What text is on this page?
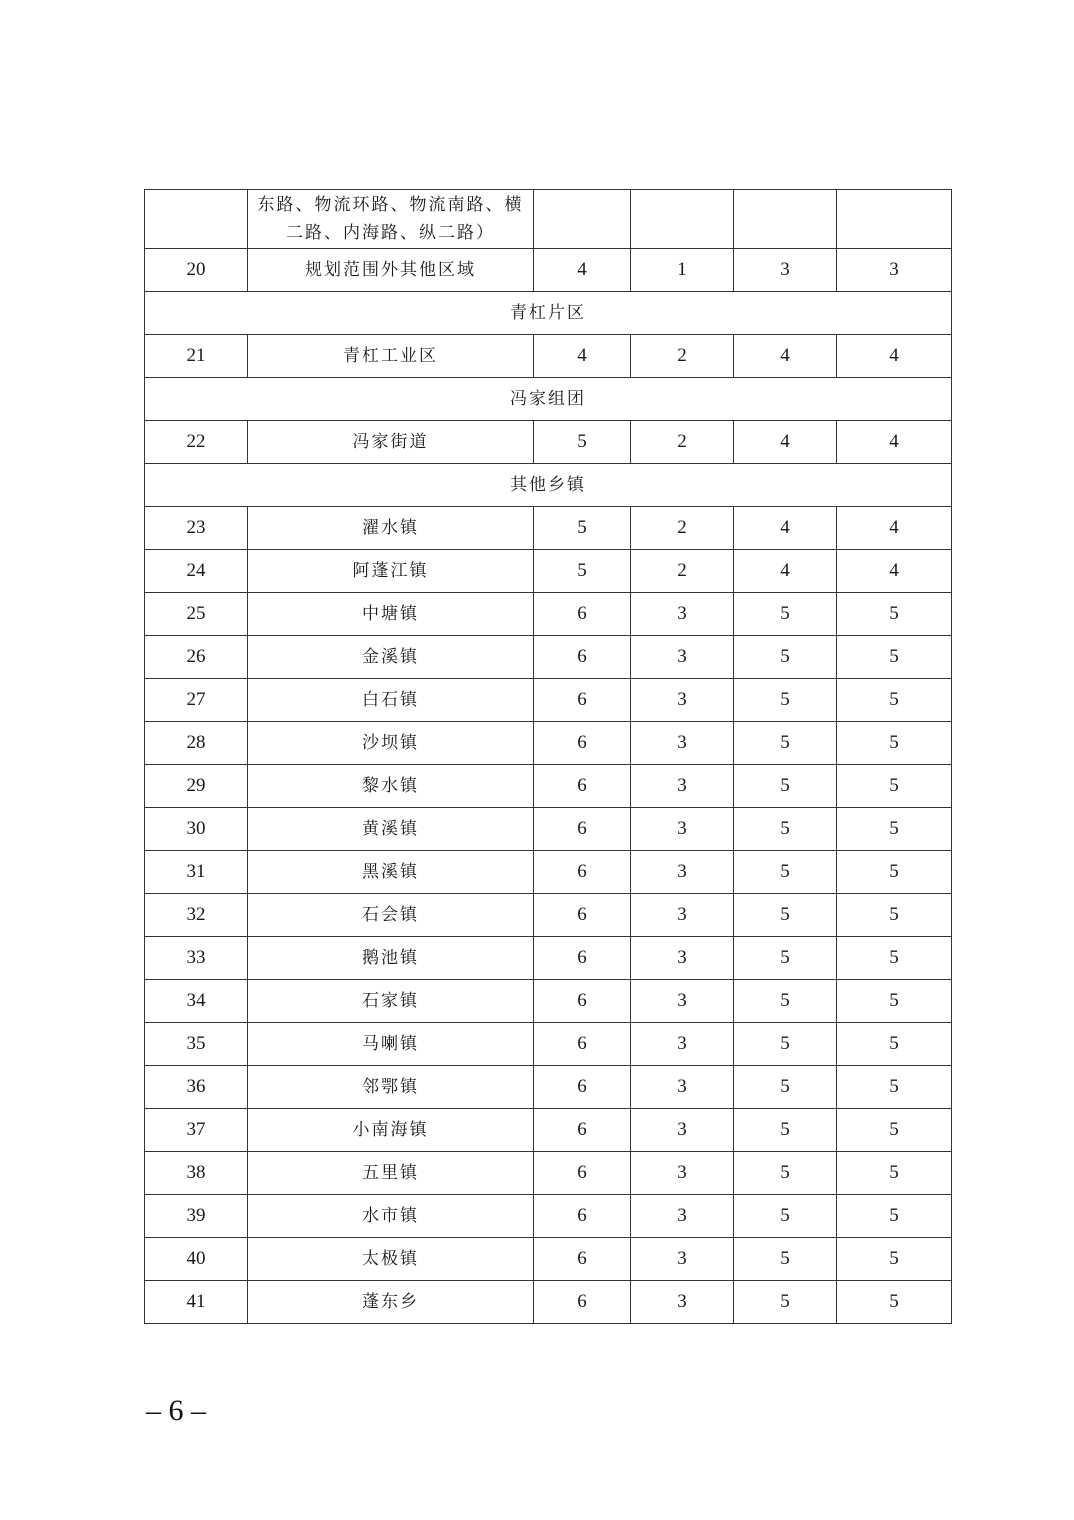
	东路、物流环路、物流南路、横二路、内海路、纵二路）				
20	规划范围外其他区域	4	1	3	3
青杠片区					
21	青杠工业区	4	2	4	4
冯家组团					
22	冯家街道	5	2	4	4
其他乡镇					
23	濯水镇	5	2	4	4
24	阿蓬江镇	5	2	4	4
25	中塘镇	6	3	5	5
26	金溪镇	6	3	5	5
27	白石镇	6	3	5	5
28	沙坝镇	6	3	5	5
29	黎水镇	6	3	5	5
30	黄溪镇	6	3	5	5
31	黑溪镇	6	3	5	5
32	石会镇	6	3	5	5
33	鹅池镇	6	3	5	5
34	石家镇	6	3	5	5
35	马喇镇	6	3	5	5
36	邻鄂镇	6	3	5	5
37	小南海镇	6	3	5	5
38	五里镇	6	3	5	5
39	水市镇	6	3	5	5
40	太极镇	6	3	5	5
41	蓬东乡	6	3	5	5
– 6 –
